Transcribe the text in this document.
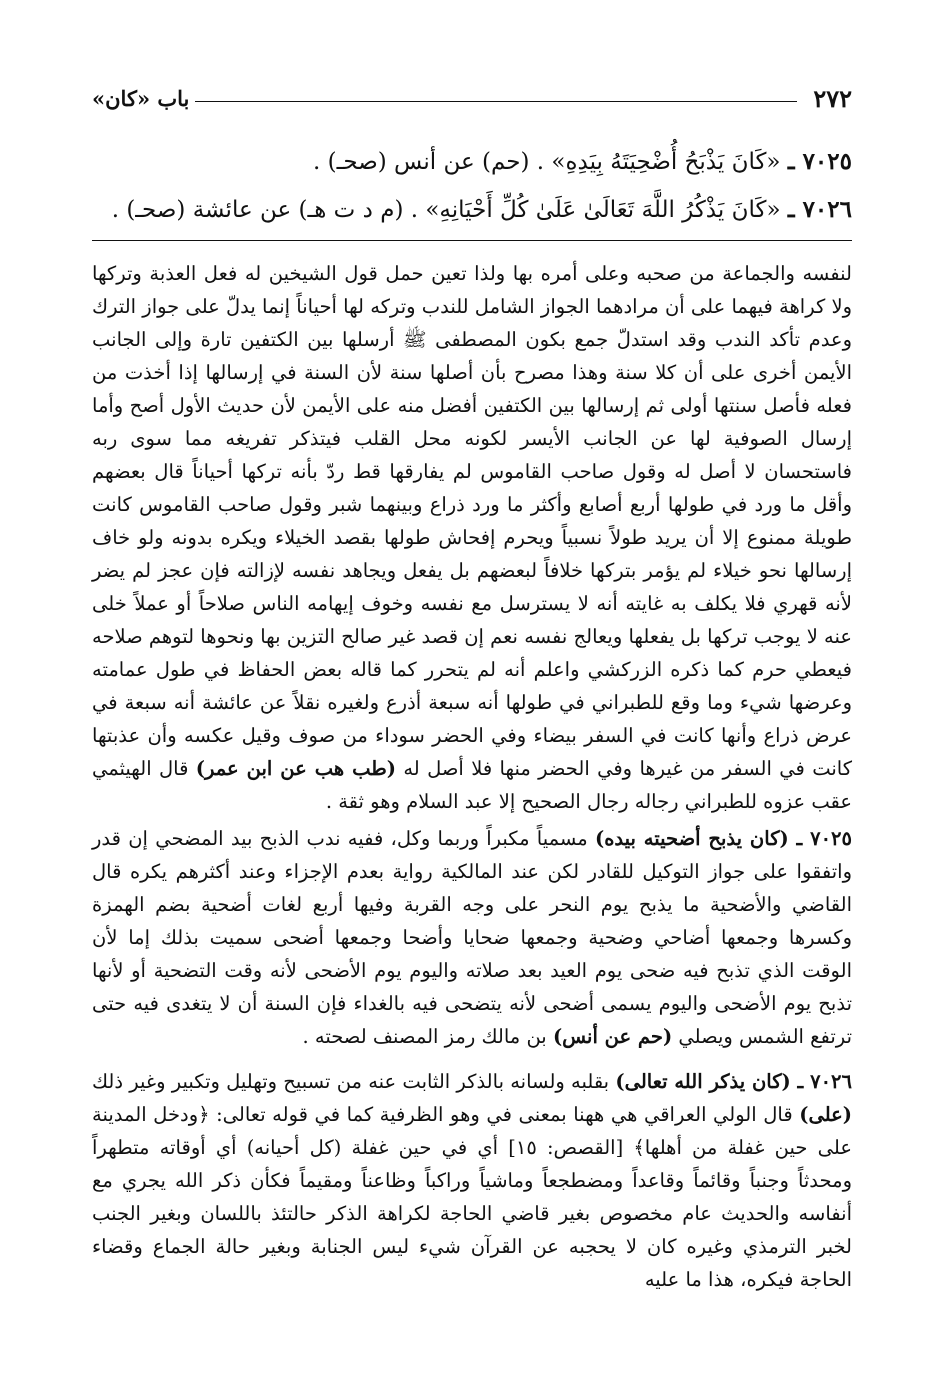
٢٧٢
باب «كان»
٧٠٢٥ ـ «كَانَ يَذْبَحُ أُضْحِيَتَهُ بِيَدِهِ» . (حم) عن أنس (صحـ) .
٧٠٢٦ ـ «كَانَ يَذْكُرُ اللَّهَ تَعَالَىٰ عَلَىٰ كُلِّ أَحْيَانِهِ» . (م د ت هـ) عن عائشة (صحـ) .

لنفسه والجماعة من صحبه وعلى أمره بها ولذا تعين حمل قول الشيخين له فعل العذبة وتركها ولا كراهة فيهما على أن مرادهما الجواز الشامل للندب وتركه لها أحياناً إنما يدلّ على جواز الترك وعدم تأكد الندب وقد استدلّ جمع بكون المصطفى ﷺ أرسلها بين الكتفين تارة وإلى الجانب الأيمن أخرى على أن كلا سنة وهذا مصرح بأن أصلها سنة لأن السنة في إرسالها إذا أخذت من فعله فأصل سنتها أولى ثم إرسالها بين الكتفين أفضل منه على الأيمن لأن حديث الأول أصح وأما إرسال الصوفية لها عن الجانب الأيسر لكونه محل القلب فيتذكر تفريغه مما سوى ربه فاستحسان لا أصل له وقول صاحب القاموس لم يفارقها قط ردّ بأنه تركها أحياناً قال بعضهم وأقل ما ورد في طولها أربع أصابع وأكثر ما ورد ذراع وبينهما شبر وقول صاحب القاموس كانت طويلة ممنوع إلا أن يريد طولاً نسبياً ويحرم إفحاش طولها بقصد الخيلاء ويكره بدونه ولو خاف إرسالها نحو خيلاء لم يؤمر بتركها خلافاً لبعضهم بل يفعل ويجاهد نفسه لإزالته فإن عجز لم يضر لأنه قهري فلا يكلف به غايته أنه لا يسترسل مع نفسه وخوف إيهامه الناس صلاحاً أو عملاً خلى عنه لا يوجب تركها بل يفعلها ويعالج نفسه نعم إن قصد غير صالح التزين بها ونحوها لتوهم صلاحه فيعطي حرم كما ذكره الزركشي واعلم أنه لم يتحرر كما قاله بعض الحفاظ في طول عمامته وعرضها شيء وما وقع للطبراني في طولها أنه سبعة أذرع ولغيره نقلاً عن عائشة أنه سبعة في عرض ذراع وأنها كانت في السفر بيضاء وفي الحضر سوداء من صوف وقيل عكسه وأن عذبتها كانت في السفر من غيرها وفي الحضر منها فلا أصل له (طب هب عن ابن عمر) قال الهيثمي عقب عزوه للطبراني رجاله رجال الصحيح إلا عبد السلام وهو ثقة .

٧٠٢٥ ـ (كان يذبح أضحيته بيده) مسمياً مكبراً وربما وكل، ففيه ندب الذبح بيد المضحي إن قدر واتفقوا على جواز التوكيل للقادر لكن عند المالكية رواية بعدم الإجزاء وعند أكثرهم يكره قال القاضي والأضحية ما يذبح يوم النحر على وجه القربة وفيها أربع لغات أضحية بضم الهمزة وكسرها وجمعها أضاحي وضحية وجمعها ضحايا وأضحا وجمعها أضحى سميت بذلك إما لأن الوقت الذي تذبح فيه ضحى يوم العيد بعد صلاته واليوم يوم الأضحى لأنه وقت التضحية أو لأنها تذبح يوم الأضحى واليوم يسمى أضحى لأنه يتضحى فيه بالغداء فإن السنة أن لا يتغدى فيه حتى ترتفع الشمس ويصلي (حم عن أنس) بن مالك رمز المصنف لصحته .

٧٠٢٦ ـ (كان يذكر الله تعالى) بقلبه ولسانه بالذكر الثابت عنه من تسبيح وتهليل وتكبير وغير ذلك (على) قال الولي العراقي هي ههنا بمعنى في وهو الظرفية كما في قوله تعالى: ﴿ودخل المدينة على حين غفلة من أهلها﴾ [القصص: ١٥] أي في حين غفلة (كل أحيانه) أي أوقاته متطهراً ومحدثاً وجنباً وقائماً وقاعداً ومضطجعاً وماشياً وراكباً وظاعناً ومقيماً فكأن ذكر الله يجري مع أنفاسه والحديث عام مخصوص بغير قاضي الحاجة لكراهة الذكر حالتئذ باللسان وبغير الجنب لخبر الترمذي وغيره كان لا يحجبه عن القرآن شيء ليس الجنابة وبغير حالة الجماع وقضاء الحاجة فيكره، هذا ما عليه
